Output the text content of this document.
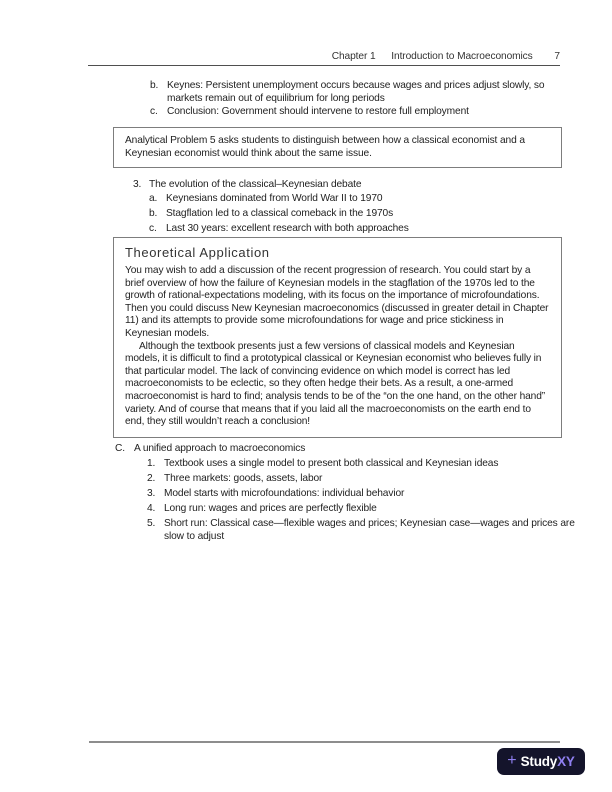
Chapter 1 Introduction to Macroeconomics 7
b. Keynes: Persistent unemployment occurs because wages and prices adjust slowly, so markets remain out of equilibrium for long periods
c. Conclusion: Government should intervene to restore full employment
Analytical Problem 5 asks students to distinguish between how a classical economist and a Keynesian economist would think about the same issue.
3. The evolution of the classical–Keynesian debate
a. Keynesians dominated from World War II to 1970
b. Stagflation led to a classical comeback in the 1970s
c. Last 30 years: excellent research with both approaches
Theoretical Application

You may wish to add a discussion of the recent progression of research. You could start by a brief overview of how the failure of Keynesian models in the stagflation of the 1970s led to the growth of rational-expectations modeling, with its focus on the importance of microfoundations. Then you could discuss New Keynesian macroeconomics (discussed in greater detail in Chapter 11) and its attempts to provide some microfoundations for wage and price stickiness in Keynesian models.

Although the textbook presents just a few versions of classical models and Keynesian models, it is difficult to find a prototypical classical or Keynesian economist who believes fully in that particular model. The lack of convincing evidence on which model is correct has led macroeconomists to be eclectic, so they often hedge their bets. As a result, a one-armed macroeconomist is hard to find; analysis tends to be of the “on the one hand, on the other hand” variety. And of course that means that if you laid all the macroeconomists on the earth end to end, they still wouldn’t reach a conclusion!

C. A unified approach to macroeconomics
1. Textbook uses a single model to present both classical and Keynesian ideas
2. Three markets: goods, assets, labor
3. Model starts with microfoundations: individual behavior
4. Long run: wages and prices are perfectly flexible
5. Short run: Classical case—flexible wages and prices; Keynesian case—wages and prices are slow to adjust
+ Study XY
